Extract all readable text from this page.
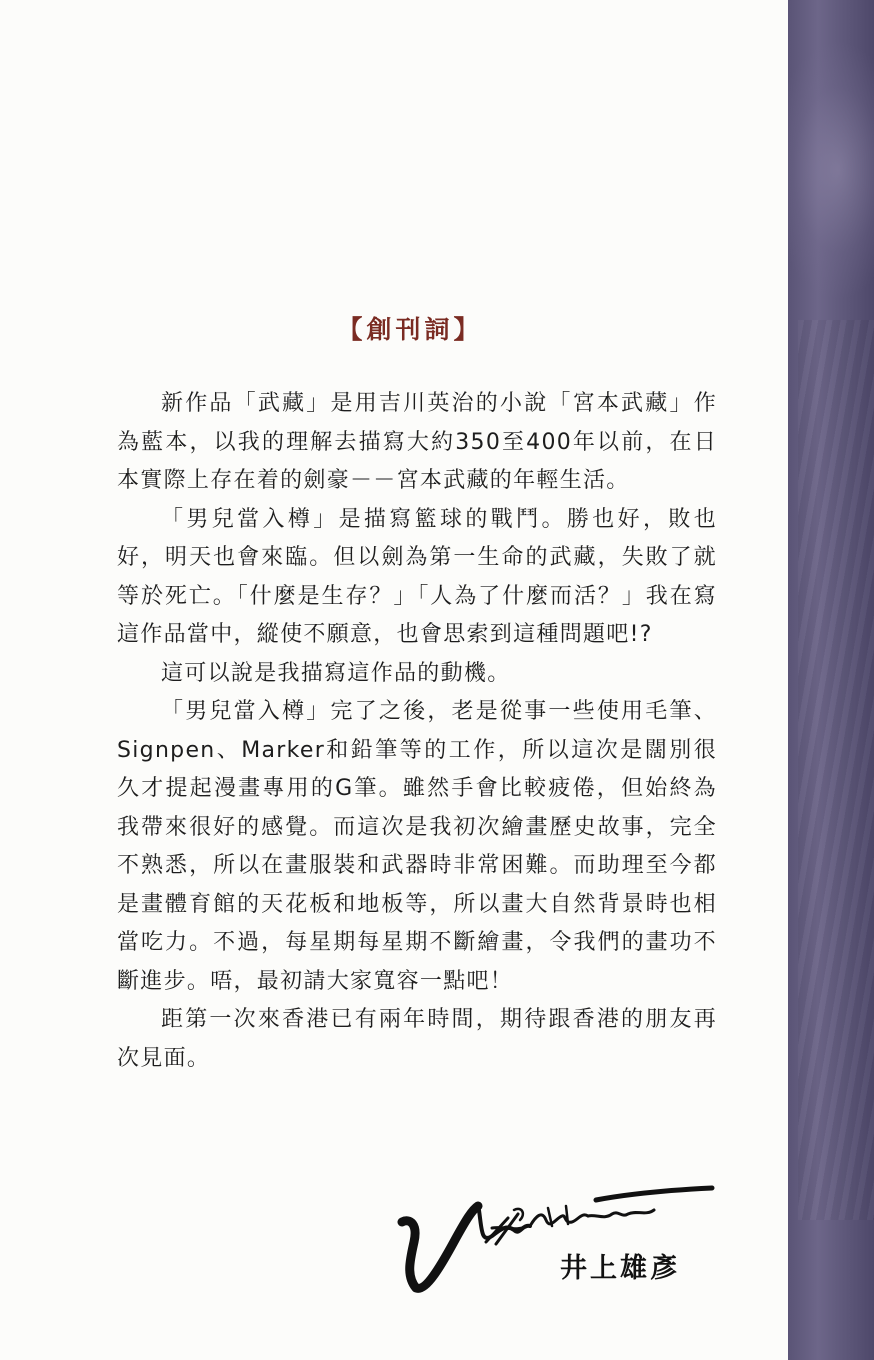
【創刊詞】

新作品「武藏」是用吉川英治的小說「宮本武藏」作為藍本，以我的理解去描寫大約350至400年以前，在日本實際上存在着的劍豪－－宮本武藏的年輕生活。

「男兒當入樽」是描寫籃球的戰鬥。勝也好，敗也好，明天也會來臨。但以劍為第一生命的武藏，失敗了就等於死亡。「什麼是生存？」「人為了什麼而活？」我在寫這作品當中，縱使不願意，也會思索到這種問題吧!?

這可以說是我描寫這作品的動機。

「男兒當入樽」完了之後，老是從事一些使用毛筆、Signpen、Marker和鉛筆等的工作，所以這次是闊別很久才提起漫畫專用的G筆。雖然手會比較疲倦，但始終為我帶來很好的感覺。而這次是我初次繪畫歷史故事，完全不熟悉，所以在畫服裝和武器時非常困難。而助理至今都是畫體育館的天花板和地板等，所以畫大自然背景時也相當吃力。不過，每星期每星期不斷繪畫，令我們的畫功不斷進步。唔，最初請大家寬容一點吧！

距第一次來香港已有兩年時間，期待跟香港的朋友再次見面。

井上雄彥
